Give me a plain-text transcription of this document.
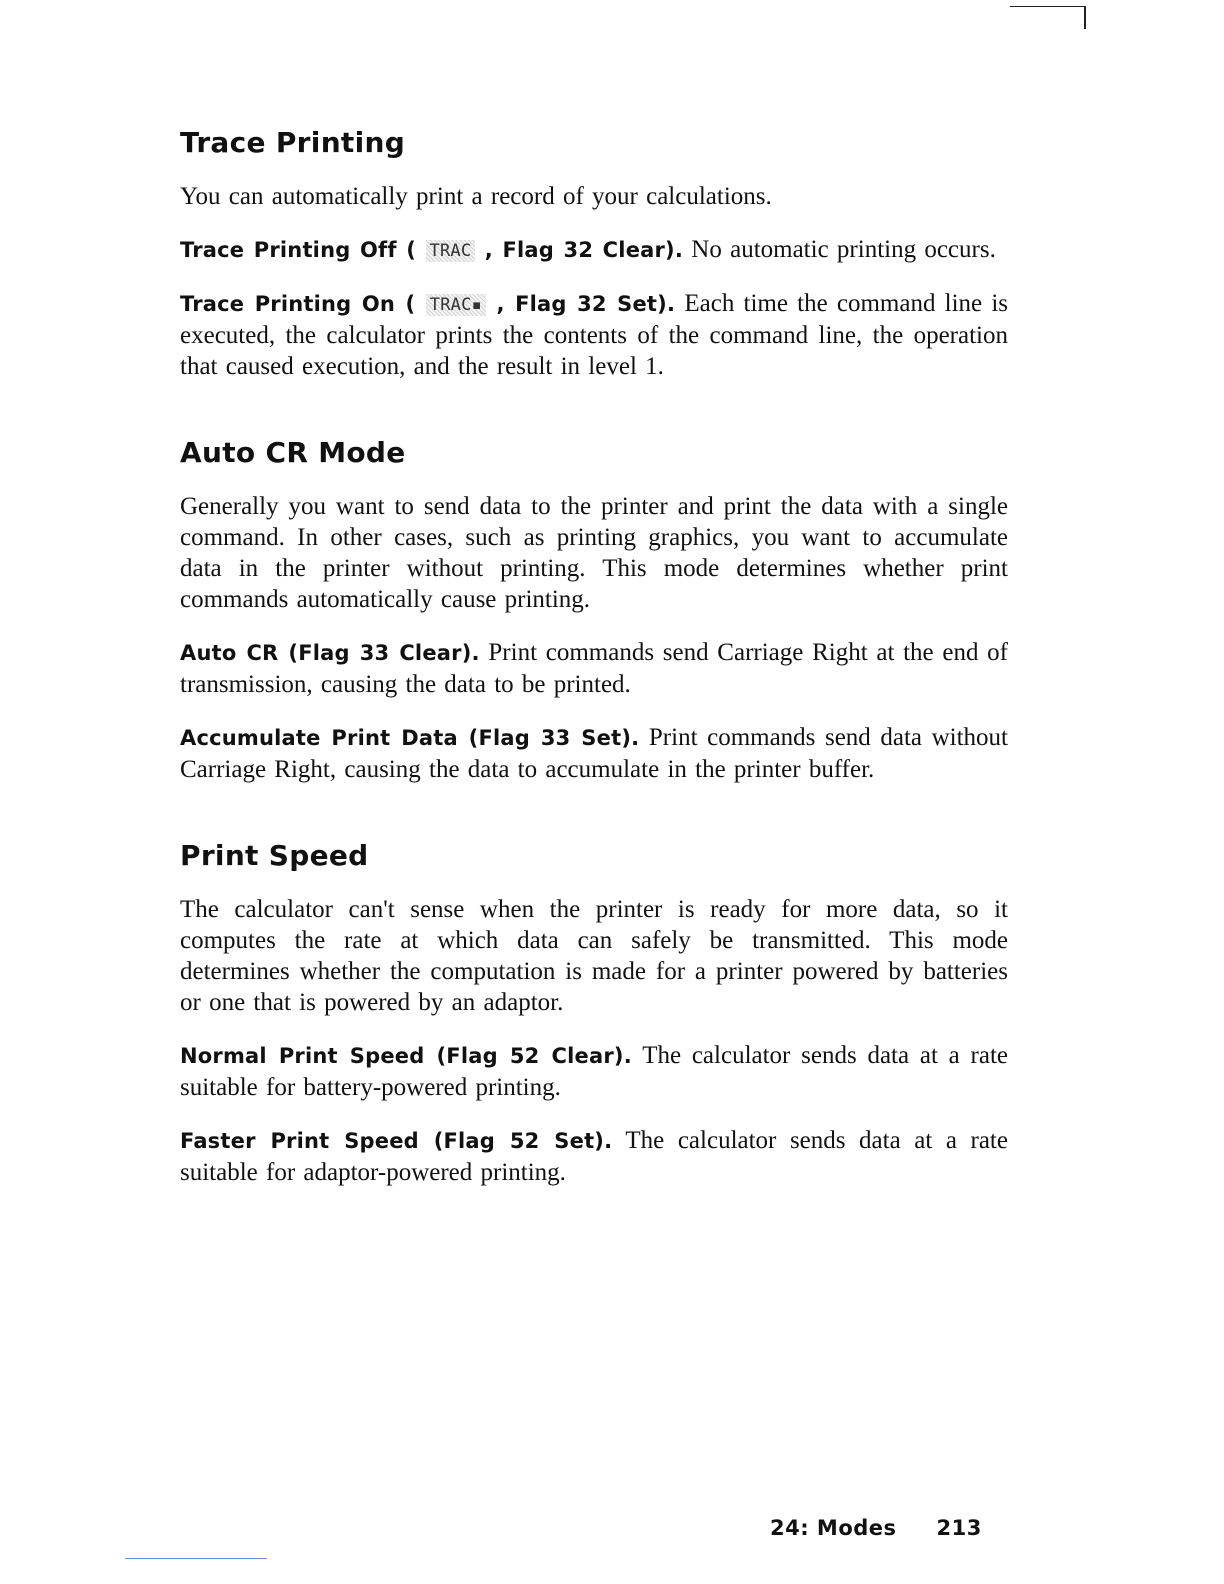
Trace Printing

You can automatically print a record of your calculations.

Trace Printing Off ( TRAC , Flag 32 Clear). No automatic printing occurs.

Trace Printing On ( TRAC▪ , Flag 32 Set). Each time the command line is executed, the calculator prints the contents of the command line, the operation that caused execution, and the result in level 1.

Auto CR Mode

Generally you want to send data to the printer and print the data with a single command. In other cases, such as printing graphics, you want to accumulate data in the printer without printing. This mode determines whether print commands automatically cause printing.

Auto CR (Flag 33 Clear). Print commands send Carriage Right at the end of transmission, causing the data to be printed.

Accumulate Print Data (Flag 33 Set). Print commands send data without Carriage Right, causing the data to accumulate in the printer buffer.

Print Speed

The calculator can't sense when the printer is ready for more data, so it computes the rate at which data can safely be transmitted. This mode determines whether the computation is made for a printer powered by batteries or one that is powered by an adaptor.

Normal Print Speed (Flag 52 Clear). The calculator sends data at a rate suitable for battery-powered printing.

Faster Print Speed (Flag 52 Set). The calculator sends data at a rate suitable for adaptor-powered printing.

24: Modes 213
